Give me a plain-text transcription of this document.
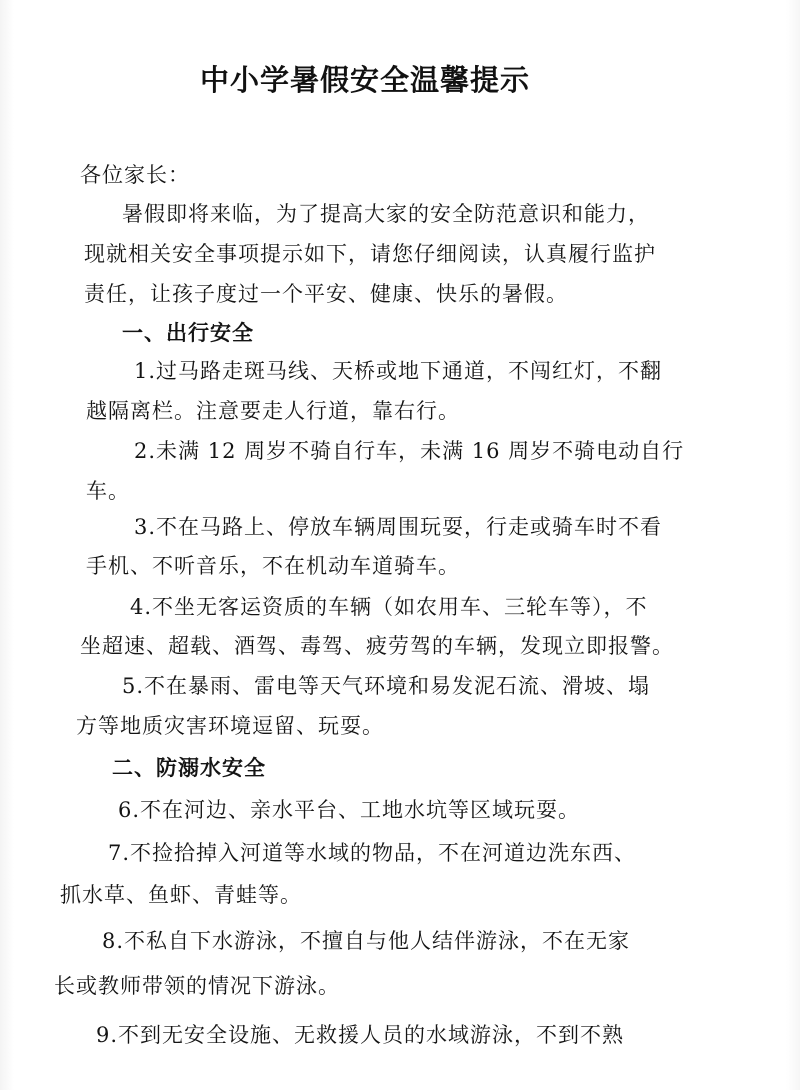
中小学暑假安全温馨提示
各位家长：
暑假即将来临，为了提高大家的安全防范意识和能力，
现就相关安全事项提示如下，请您仔细阅读，认真履行监护
责任，让孩子度过一个平安、健康、快乐的暑假。
一、出行安全
1.过马路走斑马线、天桥或地下通道，不闯红灯，不翻
越隔离栏。注意要走人行道，靠右行。
2.未满 12 周岁不骑自行车，未满 16 周岁不骑电动自行
车。
3.不在马路上、停放车辆周围玩耍，行走或骑车时不看
手机、不听音乐，不在机动车道骑车。
4.不坐无客运资质的车辆（如农用车、三轮车等），不
坐超速、超载、酒驾、毒驾、疲劳驾的车辆，发现立即报警。
5.不在暴雨、雷电等天气环境和易发泥石流、滑坡、塌
方等地质灾害环境逗留、玩耍。
二、防溺水安全
6.不在河边、亲水平台、工地水坑等区域玩耍。
7.不捡拾掉入河道等水域的物品，不在河道边洗东西、
抓水草、鱼虾、青蛙等。
8.不私自下水游泳，不擅自与他人结伴游泳，不在无家
长或教师带领的情况下游泳。
9.不到无安全设施、无救援人员的水域游泳，不到不熟
